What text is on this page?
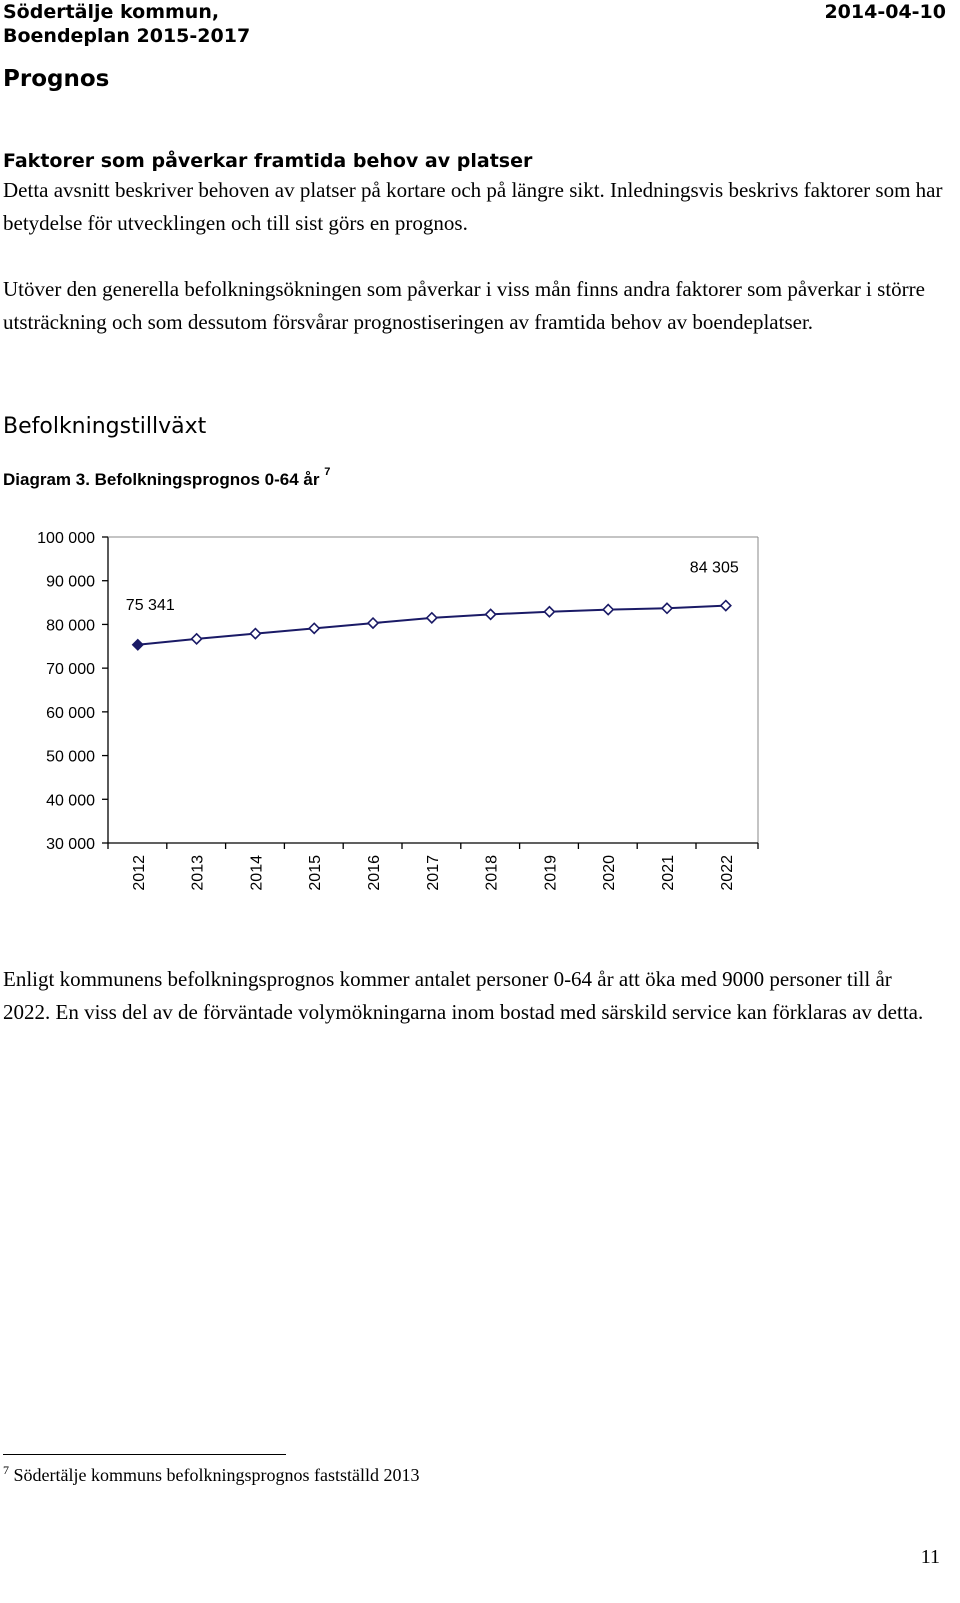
Södertälje kommun,
Boendeplan 2015-2017
2014-04-10
Prognos
Faktorer som påverkar framtida behov av platser
Detta avsnitt beskriver behoven av platser på kortare och på längre sikt. Inledningsvis beskrivs faktorer som har betydelse för utvecklingen och till sist görs en prognos.
Utöver den generella befolkningsökningen som påverkar i viss mån finns andra faktorer som påverkar i större utsträckning och som dessutom försvårar prognostiseringen av framtida behov av boendeplatser.
Befolkningstillväxt
Diagram 3. Befolkningsprognos 0-64 år $^7$
30 000
40 000
50 000
60 000
70 000
80 000
90 000
100 000
2012	2013	2014	2015	2016	2017	2018	2019	2020	2021	2022
75 341
84 305
Enligt kommunens befolkningsprognos kommer antalet personer 0-64 år att öka med 9000 personer till år 2022. En viss del av de förväntade volymökningarna inom bostad med särskild service kan förklaras av detta.
$^7$ Södertälje kommuns befolkningsprognos fastställd 2013
11
